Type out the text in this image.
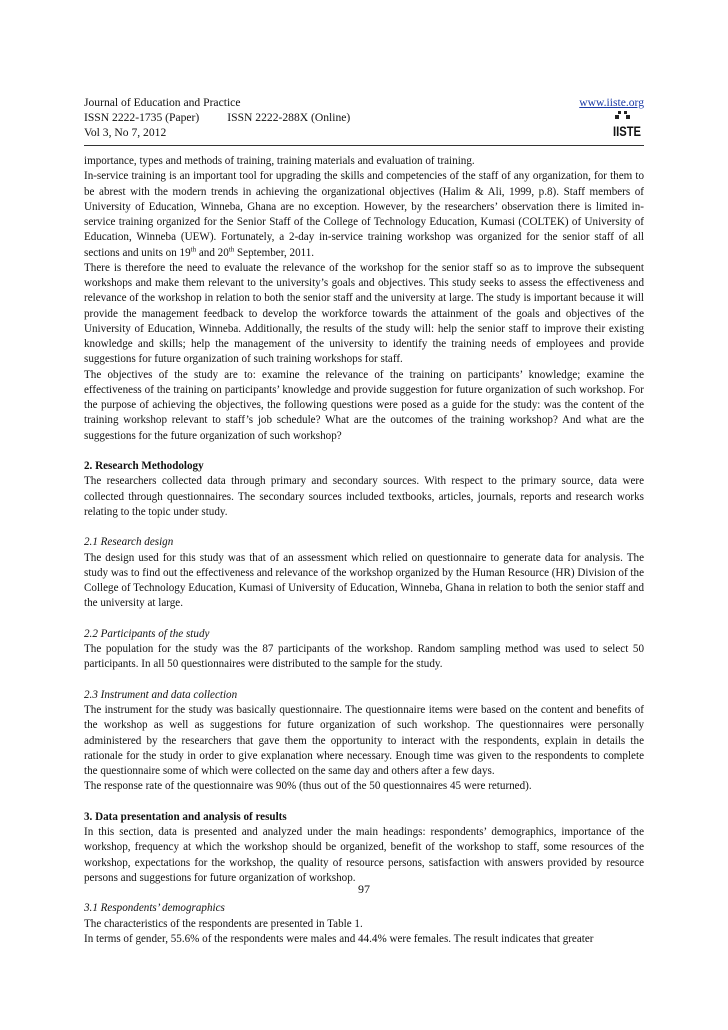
Journal of Education and Practice	www.iiste.org
ISSN 2222-1735 (Paper) ISSN 2222-288X (Online)
Vol 3, No 7, 2012	IISTE

importance, types and methods of training, training materials and evaluation of training.

In-service training is an important tool for upgrading the skills and competencies of the staff of any organization, for them to be abrest with the modern trends in achieving the organizational objectives (Halim & Ali, 1999, p.8). Staff members of University of Education, Winneba, Ghana are no exception. However, by the researchers’ observation there is limited in-service training organized for the Senior Staff of the College of Technology Education, Kumasi (COLTEK) of University of Education, Winneba (UEW). Fortunately, a 2-day in-service training workshop was organized for the senior staff of all sections and units on 19th and 20th September, 2011.

There is therefore the need to evaluate the relevance of the workshop for the senior staff so as to improve the subsequent workshops and make them relevant to the university’s goals and objectives. This study seeks to assess the effectiveness and relevance of the workshop in relation to both the senior staff and the university at large. The study is important because it will provide the management feedback to develop the workforce towards the attainment of the goals and objectives of the University of Education, Winneba. Additionally, the results of the study will: help the senior staff to improve their existing knowledge and skills; help the management of the university to identify the training needs of employees and provide suggestions for future organization of such training workshops for staff.

The objectives of the study are to: examine the relevance of the training on participants’ knowledge; examine the effectiveness of the training on participants’ knowledge and provide suggestion for future organization of such workshop. For the purpose of achieving the objectives, the following questions were posed as a guide for the study: was the content of the training workshop relevant to staff’s job schedule? What are the outcomes of the training workshop? And what are the suggestions for the future organization of such workshop?

2. Research Methodology

The researchers collected data through primary and secondary sources. With respect to the primary source, data were collected through questionnaires. The secondary sources included textbooks, articles, journals, reports and research works relating to the topic under study.

2.1 Research design

The design used for this study was that of an assessment which relied on questionnaire to generate data for analysis. The study was to find out the effectiveness and relevance of the workshop organized by the Human Resource (HR) Division of the College of Technology Education, Kumasi of University of Education, Winneba, Ghana in relation to both the senior staff and the university at large.

2.2 Participants of the study

The population for the study was the 87 participants of the workshop. Random sampling method was used to select 50 participants. In all 50 questionnaires were distributed to the sample for the study.

2.3 Instrument and data collection

The instrument for the study was basically questionnaire. The questionnaire items were based on the content and benefits of the workshop as well as suggestions for future organization of such workshop. The questionnaires were personally administered by the researchers that gave them the opportunity to interact with the respondents, explain in details the rationale for the study in order to give explanation where necessary. Enough time was given to the respondents to complete the questionnaire some of which were collected on the same day and others after a few days.

The response rate of the questionnaire was 90% (thus out of the 50 questionnaires 45 were returned).

3. Data presentation and analysis of results

In this section, data is presented and analyzed under the main headings: respondents’ demographics, importance of the workshop, frequency at which the workshop should be organized, benefit of the workshop to staff, some resources of the workshop, expectations for the workshop, the quality of resource persons, satisfaction with answers provided by resource persons and suggestions for future organization of workshop.

3.1 Respondents’ demographics

The characteristics of the respondents are presented in Table 1.

In terms of gender, 55.6% of the respondents were males and 44.4% were females. The result indicates that greater

97
